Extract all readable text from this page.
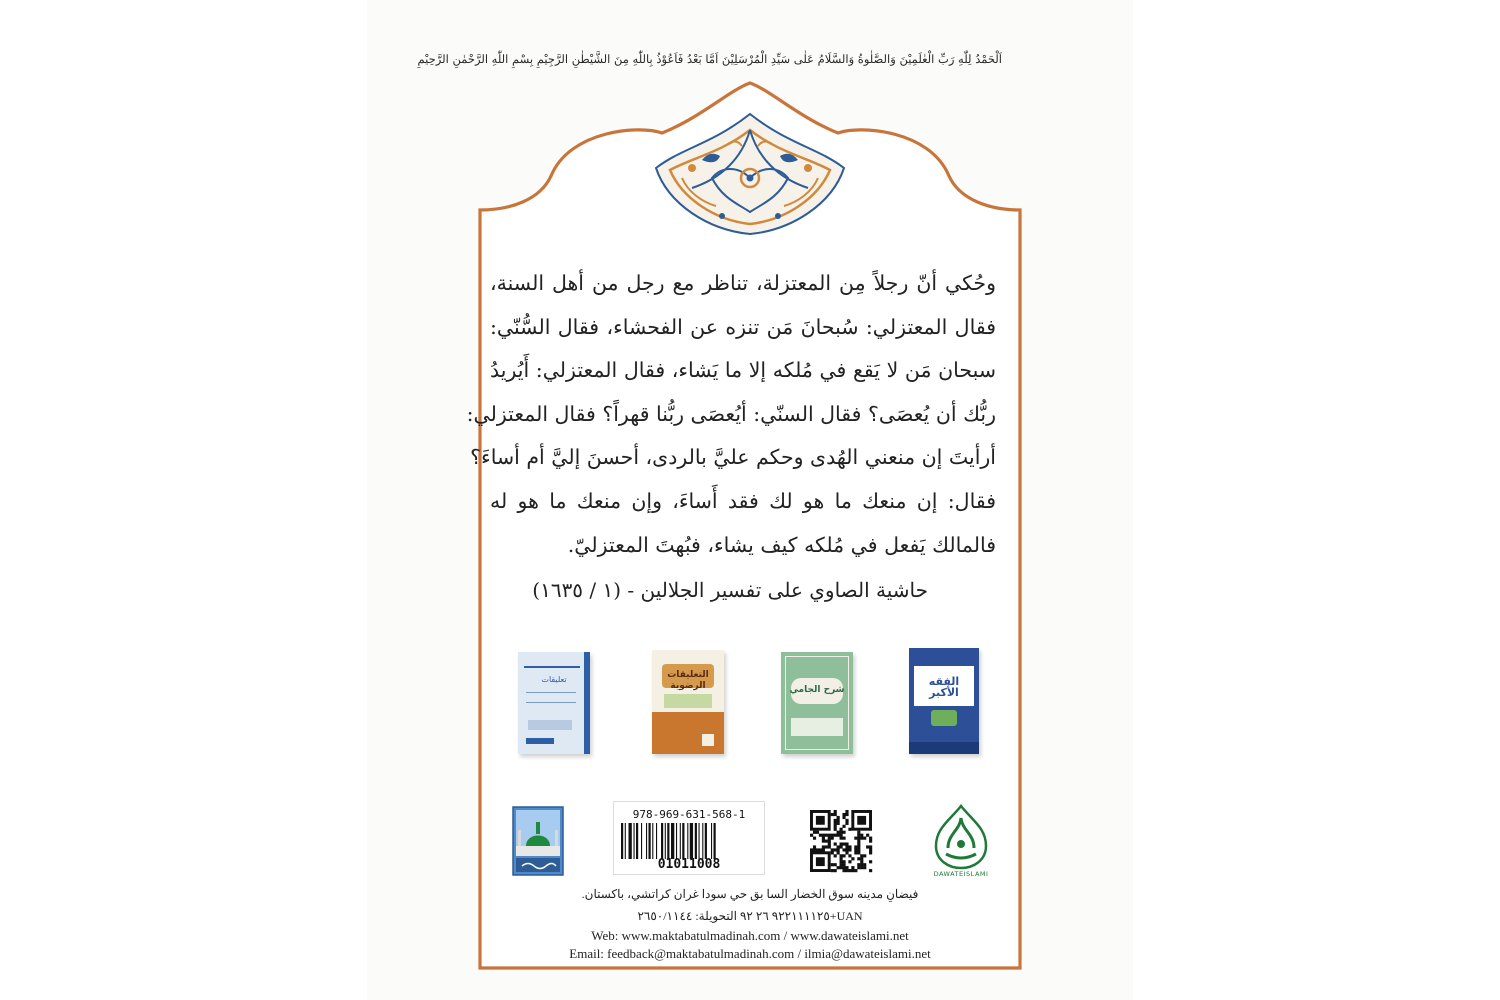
اَلْحَمْدُ لِلّٰهِ رَبِّ الْعٰلَمِيْنَ وَالصَّلٰوةُ وَالسَّلَامُ عَلٰى سَيِّدِ الْمُرْسَلِيْنَ اَمَّا بَعْدُ فَاَعُوْذُ بِاللّٰهِ مِنَ الشَّيْطٰنِ الرَّجِيْمِ بِسْمِ اللّٰهِ الرَّحْمٰنِ الرَّحِيْمِ
وحُكي أنّ رجلاً مِن المعتزلة، تناظر مع رجل من أهل السنة،
فقال المعتزلي: سُبحانَ مَن تنزه عن الفحشاء، فقال السُّنّي:
سبحان مَن لا يَقع في مُلكه إلا ما يَشاء، فقال المعتزلي: أَيُريدُ
ربُّك أن يُعصَى؟ فقال السنّي: أيُعصَى ربُّنا قهراً؟ فقال المعتزلي:
أرأيتَ إن منعني الهُدى وحكم عليَّ بالردى، أحسنَ إليَّ أم أساءَ؟
فقال: إن منعك ما هو لك فقد أَساءَ، وإن منعك ما هو له
فالمالك يَفعل في مُلكه كيف يشاء، فبُهتَ المعتزليّ.
حاشية الصاوي على تفسير الجلالين - (١ / ١٦٣٥)
الفقه الأكبر
شرح الجامي
التعليقات الرضوية
تعليقات
978-969-631-568-1
01011008
DAWATEISLAMI
فيضانِ مدينه سوق الخضار السا بق حي سودا غران كراتشي، باكستان.
UAN+٩٢٢١١١١٢٥ ٢٦ ٩٢ التحويلة: ٢٦٥٠/١١٤٤
Web: www.maktabatulmadinah.com / www.dawateislami.net
Email: feedback@maktabatulmadinah.com / ilmia@dawateislami.net
